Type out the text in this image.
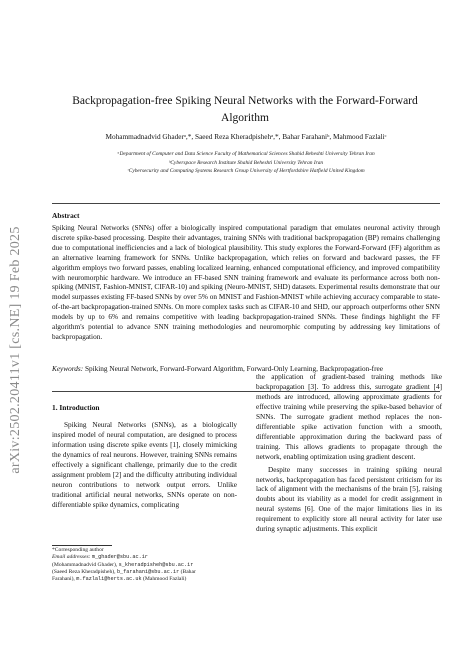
arXiv:2502.20411v1 [cs.NE] 19 Feb 2025
Backpropagation-free Spiking Neural Networks with the Forward-Forward
Algorithm
Mohammadnadvid Ghaderᵃ,*, Saeed Reza Kheradpishehᵃ,*, Bahar Farahaniᵇ, Mahmood Fazlaliᶜ
ᵃDepartment of Computer and Data Science Faculty of Mathematical Sciences Shahid Beheshti University Tehran Iran
ᵇCyberspace Research Institute Shahid Beheshti University Tehran Iran
ᶜCybersecurity and Computing Systems Research Group University of Hertfordshire Hatfield United Kingdom
Abstract
Spiking Neural Networks (SNNs) offer a biologically inspired computational paradigm that emulates neuronal activity through discrete spike-based processing. Despite their advantages, training SNNs with traditional backpropagation (BP) remains challenging due to computational inefficiencies and a lack of biological plausibility. This study explores the Forward-Forward (FF) algorithm as an alternative learning framework for SNNs. Unlike backpropagation, which relies on forward and backward passes, the FF algorithm employs two forward passes, enabling localized learning, enhanced computational efficiency, and improved compatibility with neuromorphic hardware. We introduce an FF-based SNN training framework and evaluate its performance across both non-spiking (MNIST, Fashion-MNIST, CIFAR-10) and spiking (Neuro-MNIST, SHD) datasets. Experimental results demonstrate that our model surpasses existing FF-based SNNs by over 5% on MNIST and Fashion-MNIST while achieving accuracy comparable to state-of-the-art backpropagation-trained SNNs. On more complex tasks such as CIFAR-10 and SHD, our approach outperforms other SNN models by up to 6% and remains competitive with leading backpropagation-trained SNNs. These findings highlight the FF algorithm's potential to advance SNN training methodologies and neuromorphic computing by addressing key limitations of backpropagation.
Keywords: Spiking Neural Network, Forward-Forward Algorithm, Forward-Only Learning, Backpropagation-free
1. Introduction

Spiking Neural Networks (SNNs), as a biologically inspired model of neural computation, are designed to process information using discrete spike events [1], closely mimicking the dynamics of real neurons. However, training SNNs remains effectively a significant challenge, primarily due to the credit assignment problem [2] and the difficulty attributing individual neuron contributions to network output errors. Unlike traditional artificial neural networks, SNNs operate on non-differentiable spike dynamics, complicating

the application of gradient-based training methods like backpropagation [3]. To address this, surrogate gradient [4] methods are introduced, allowing approximate gradients for effective training while preserving the spike-based behavior of SNNs. The surrogate gradient method replaces the non-differentiable spike activation function with a smooth, differentiable approximation during the backward pass of training. This allows gradients to propagate through the network, enabling optimization using gradient descent.

Despite many successes in training spiking neural networks, backpropagation has faced persistent criticism for its lack of alignment with the mechanisms of the brain [5], raising doubts about its viability as a model for credit assignment in neural systems [6]. One of the major limitations lies in its requirement to explicitly store all neural activity for later use during synaptic adjustments. This explicit

*Corresponding author
Email addresses: m_ghader@sbu.ac.ir
(Mohammadnadvid Ghader), s_kheradpisheh@sbu.ac.ir
(Saeed Reza Kheradpisheh), b_farahani@sbu.ac.ir (Bahar
Farahani), m.fazlali@herts.ac.uk (Mahmood Fazlali)
